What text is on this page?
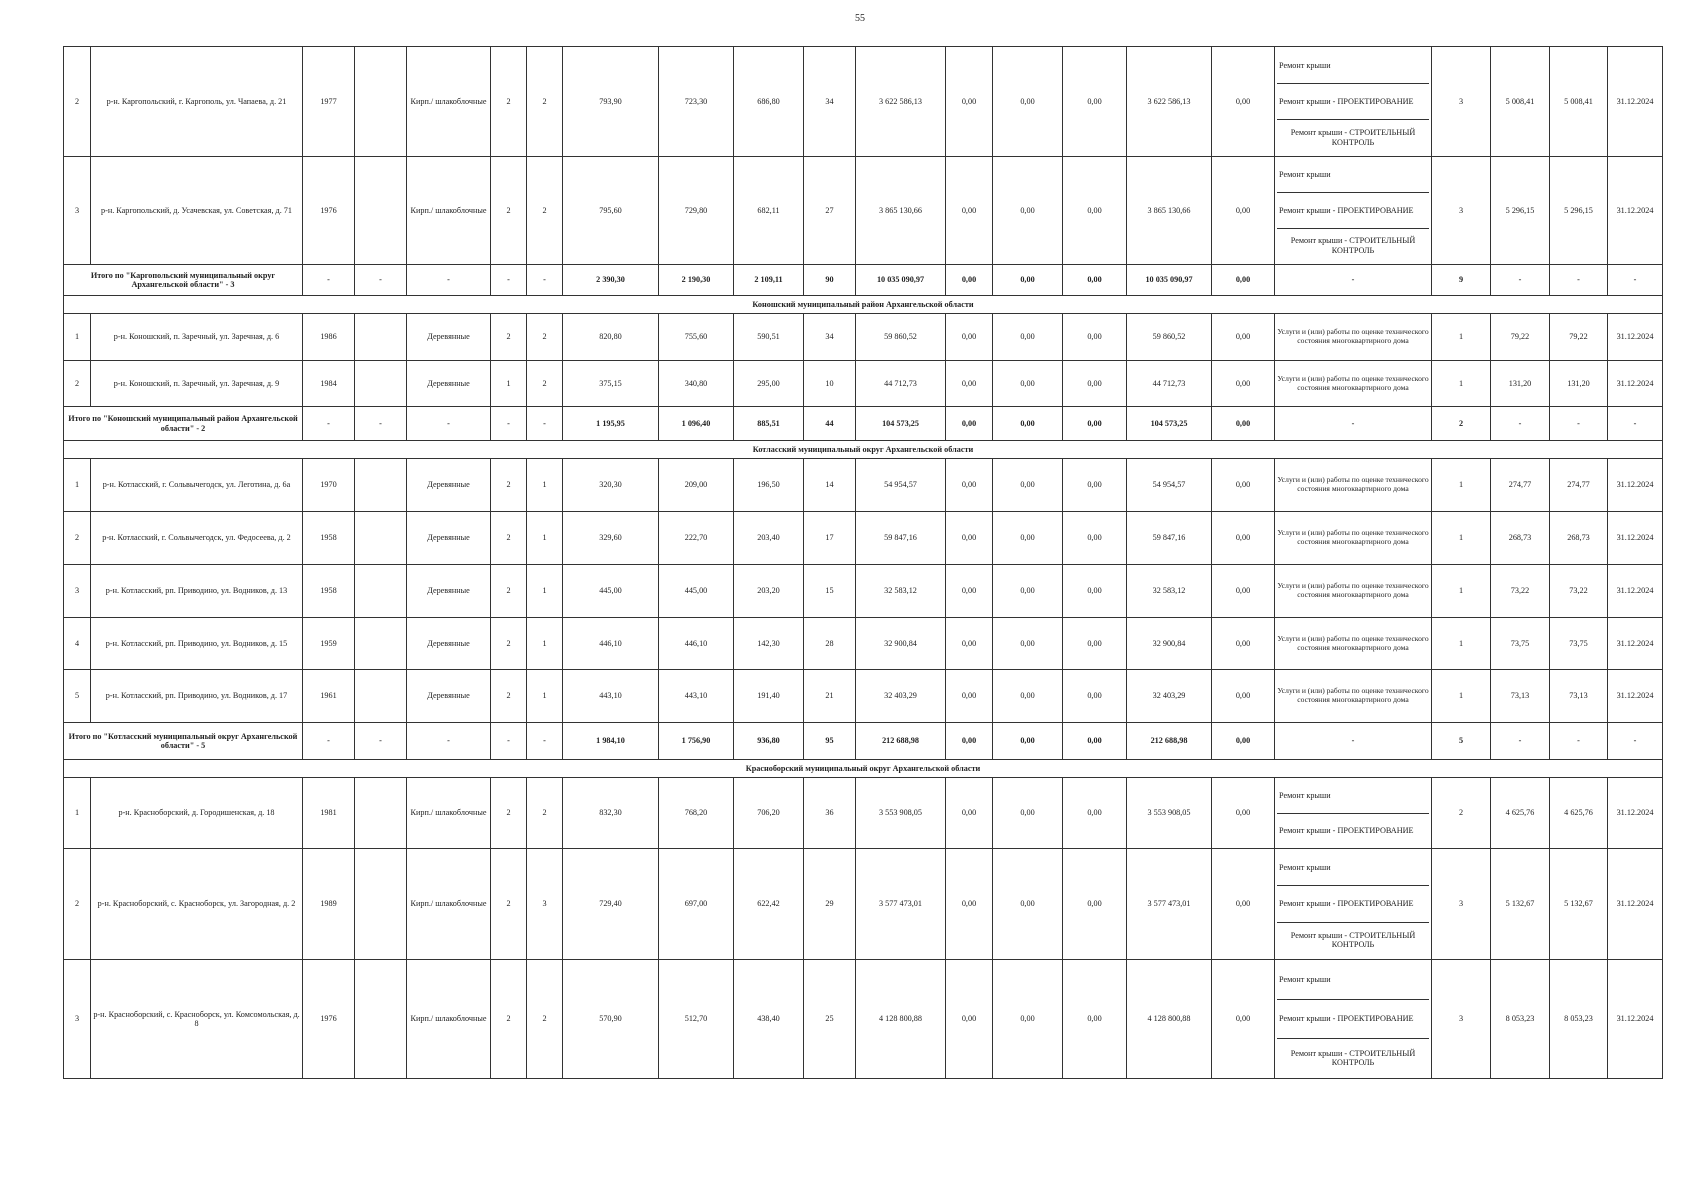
55
2	р-н. Каргопольский, г. Каргополь, ул. Чапаева, д. 21	1977		Кирп./ шлакоблочные	2	2	793,90	723,30	686,80	34	3 622 586,13	0,00	0,00	0,00	3 622 586,13	0,00	Ремонт крыши
Ремонт крыши - ПРОЕКТИРОВАНИЕ
Ремонт крыши - СТРОИТЕЛЬНЫЙ КОНТРОЛЬ	3	5 008,41	5 008,41	31.12.2024
3	р-н. Каргопольский, д. Усачевская, ул. Советская, д. 71	1976		Кирп./ шлакоблочные	2	2	795,60	729,80	682,11	27	3 865 130,66	0,00	0,00	0,00	3 865 130,66	0,00	Ремонт крыши
Ремонт крыши - ПРОЕКТИРОВАНИЕ
Ремонт крыши - СТРОИТЕЛЬНЫЙ КОНТРОЛЬ	3	5 296,15	5 296,15	31.12.2024
Итого по "Каргопольский муниципальный округ Архангельской области" - 3		-	-	-	-	-	2 390,30	2 190,30	2 109,11	90	10 035 090,97	0,00	0,00	0,00	10 035 090,97	0,00	-	9	-	-	-
Коношский муниципальный район Архангельской области																					
1	р-н. Коношский, п. Заречный, ул. Заречная, д. 6	1986		Деревянные	2	2	820,80	755,60	590,51	34	59 860,52	0,00	0,00	0,00	59 860,52	0,00	Услуги и (или) работы по оценке технического состояния многоквартирного дома	1	79,22	79,22	31.12.2024
2	р-н. Коношский, п. Заречный, ул. Заречная, д. 9	1984		Деревянные	1	2	375,15	340,80	295,00	10	44 712,73	0,00	0,00	0,00	44 712,73	0,00	Услуги и (или) работы по оценке технического состояния многоквартирного дома	1	131,20	131,20	31.12.2024
Итого по "Коношский муниципальный район Архангельской области" - 2		-	-	-	-	-	1 195,95	1 096,40	885,51	44	104 573,25	0,00	0,00	0,00	104 573,25	0,00	-	2	-	-	-
Котласский муниципальный округ Архангельской области																					
1	р-н. Котласский, г. Сольвычегодск, ул. Леготина, д. 6а	1970		Деревянные	2	1	320,30	209,00	196,50	14	54 954,57	0,00	0,00	0,00	54 954,57	0,00	Услуги и (или) работы по оценке технического состояния многоквартирного дома	1	274,77	274,77	31.12.2024
2	р-н. Котласский, г. Сольвычегодск, ул. Федосеева, д. 2	1958		Деревянные	2	1	329,60	222,70	203,40	17	59 847,16	0,00	0,00	0,00	59 847,16	0,00	Услуги и (или) работы по оценке технического состояния многоквартирного дома	1	268,73	268,73	31.12.2024
3	р-н. Котласский, рп. Приводино, ул. Водников, д. 13	1958		Деревянные	2	1	445,00	445,00	203,20	15	32 583,12	0,00	0,00	0,00	32 583,12	0,00	Услуги и (или) работы по оценке технического состояния многоквартирного дома	1	73,22	73,22	31.12.2024
4	р-н. Котласский, рп. Приводино, ул. Водников, д. 15	1959		Деревянные	2	1	446,10	446,10	142,30	28	32 900,84	0,00	0,00	0,00	32 900,84	0,00	Услуги и (или) работы по оценке технического состояния многоквартирного дома	1	73,75	73,75	31.12.2024
5	р-н. Котласский, рп. Приводино, ул. Водников, д. 17	1961		Деревянные	2	1	443,10	443,10	191,40	21	32 403,29	0,00	0,00	0,00	32 403,29	0,00	Услуги и (или) работы по оценке технического состояния многоквартирного дома	1	73,13	73,13	31.12.2024
Итого по "Котласский муниципальный округ Архангельской области" - 5		-	-	-	-	-	1 984,10	1 756,90	936,80	95	212 688,98	0,00	0,00	0,00	212 688,98	0,00	-	5	-	-	-
Красноборский муниципальный округ Архангельской области																					
1	р-н. Красноборский, д. Городишенская, д. 18	1981		Кирп./ шлакоблочные	2	2	832,30	768,20	706,20	36	3 553 908,05	0,00	0,00	0,00	3 553 908,05	0,00	Ремонт крыши
Ремонт крыши - ПРОЕКТИРОВАНИЕ	2	4 625,76	4 625,76	31.12.2024
2	р-н. Красноборский, с. Красноборск, ул. Загородная, д. 2	1989		Кирп./ шлакоблочные	2	3	729,40	697,00	622,42	29	3 577 473,01	0,00	0,00	0,00	3 577 473,01	0,00	Ремонт крыши
Ремонт крыши - ПРОЕКТИРОВАНИЕ
Ремонт крыши - СТРОИТЕЛЬНЫЙ КОНТРОЛЬ	3	5 132,67	5 132,67	31.12.2024
3	р-н. Красноборский, с. Красноборск, ул. Комсомольская, д. 8	1976		Кирп./ шлакоблочные	2	2	570,90	512,70	438,40	25	4 128 800,88	0,00	0,00	0,00	4 128 800,88	0,00	Ремонт крыши
Ремонт крыши - ПРОЕКТИРОВАНИЕ
Ремонт крыши - СТРОИТЕЛЬНЫЙ КОНТРОЛЬ	3	8 053,23	8 053,23	31.12.2024
